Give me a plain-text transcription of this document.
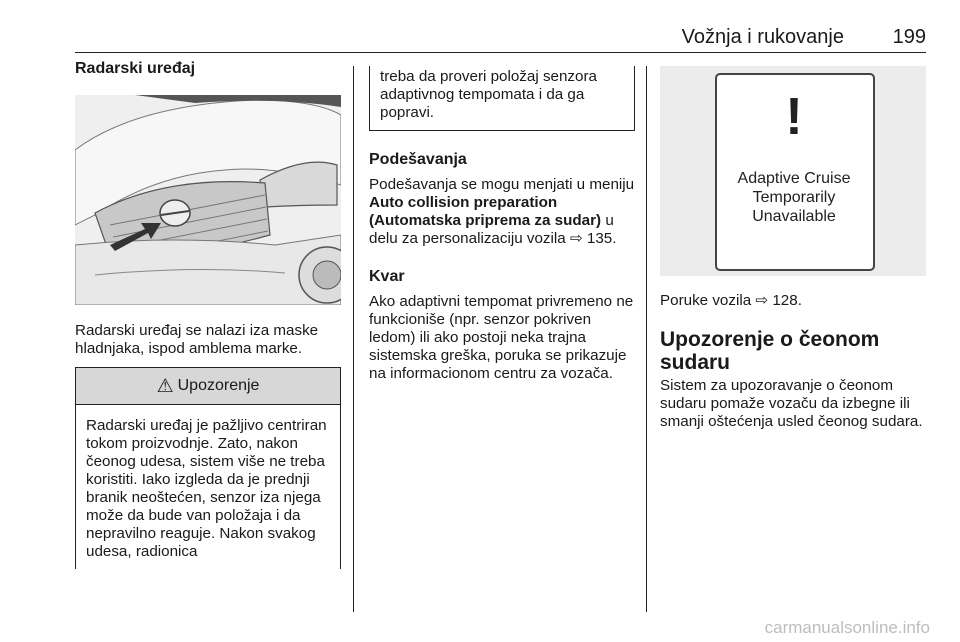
Vožnja i rukovanje 199
Radarski uređaj

Radarski uređaj se nalazi iza maske hladnjaka, ispod amblema marke.

⚠ Upozorenje

Radarski uređaj je pažljivo centriran tokom proizvodnje. Zato, nakon čeonog udesa, sistem više ne treba koristiti. Iako izgleda da je prednji branik neoštećen, senzor iza njega može da bude van položaja i da nepravilno reaguje. Nakon svakog udesa, radionica

treba da proveri položaj senzora adaptivnog tempomata i da ga popravi.

Podešavanja

Podešavanja se mogu menjati u meniju Auto collision preparation (Automatska priprema za sudar) u delu za personalizaciju vozila ⇨ 135.

Kvar

Ako adaptivni tempomat privremeno ne funkcioniše (npr. senzor pokriven ledom) ili ako postoji neka trajna sistemska greška, poruka se prikazuje na informacionom centru za vozača.

!
Adaptive Cruise
Temporarily
Unavailable

Poruke vozila ⇨ 128.

Upozorenje o čeonom sudaru

Sistem za upozoravanje o čeonom sudaru pomaže vozaču da izbegne ili smanji oštećenja usled čeonog sudara.

carmanualsonline.info
